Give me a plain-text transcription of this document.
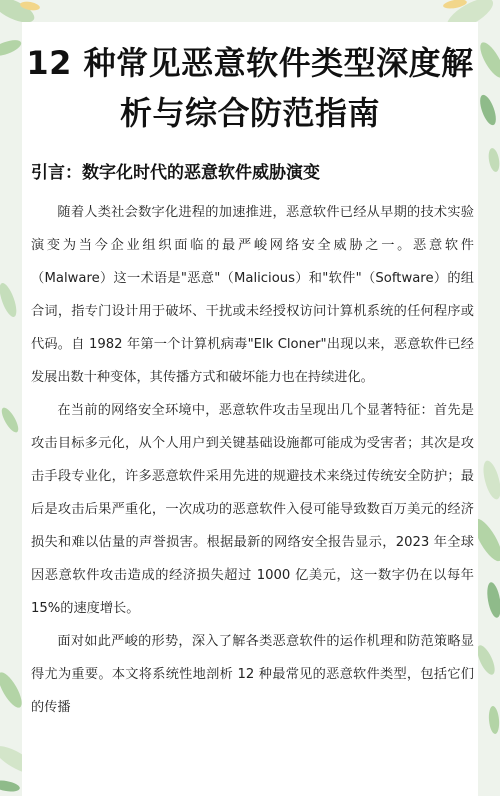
12 种常见恶意软件类型深度解
析与综合防范指南
引言：数字化时代的恶意软件威胁演变

随着人类社会数字化进程的加速推进，恶意软件已经从早期的技术实验演变为当今企业组织面临的最严峻网络安全威胁之一。恶意软件（Malware）这一术语是"恶意"（Malicious）和"软件"（Software）的组合词，指专门设计用于破坏、干扰或未经授权访问计算机系统的任何程序或代码。自 1982 年第一个计算机病毒"Elk Cloner"出现以来，恶意软件已经发展出数十种变体，其传播方式和破坏能力也在持续进化。

在当前的网络安全环境中，恶意软件攻击呈现出几个显著特征：首先是攻击目标多元化，从个人用户到关键基础设施都可能成为受害者；其次是攻击手段专业化，许多恶意软件采用先进的规避技术来绕过传统安全防护；最后是攻击后果严重化，一次成功的恶意软件入侵可能导致数百万美元的经济损失和难以估量的声誉损害。根据最新的网络安全报告显示，2023 年全球因恶意软件攻击造成的经济损失超过 1000 亿美元，这一数字仍在以每年 15%的速度增长。

面对如此严峻的形势，深入了解各类恶意软件的运作机理和防范策略显得尤为重要。本文将系统性地剖析 12 种最常见的恶意软件类型，包括它们的传播
